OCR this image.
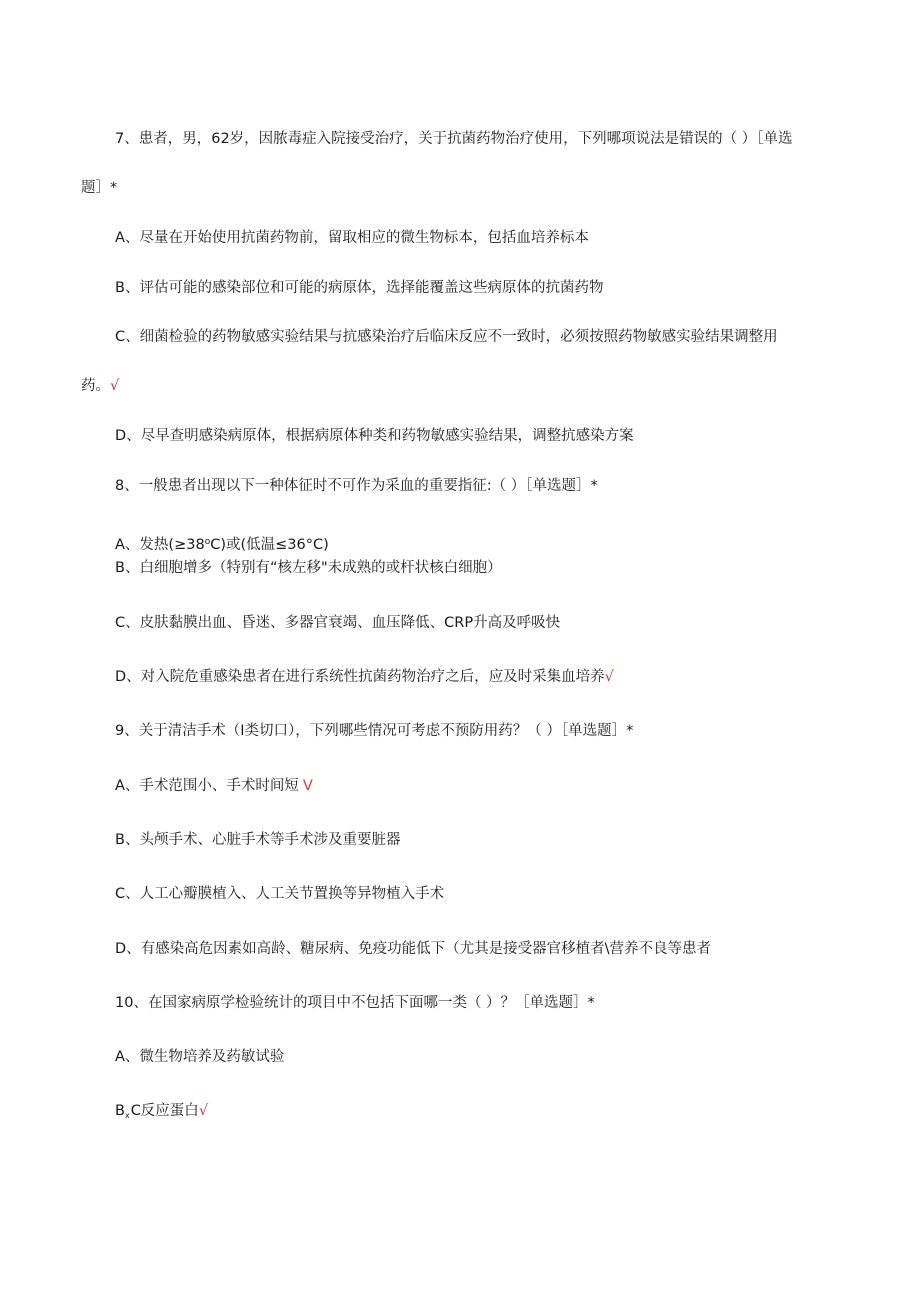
7、患者，男，62岁，因脓毒症入院接受治疗，关于抗菌药物治疗使用，下列哪项说法是错误的（ ）［单选
题］*
A、尽量在开始使用抗菌药物前，留取相应的微生物标本，包括血培养标本
B、评估可能的感染部位和可能的病原体，选择能覆盖这些病原体的抗菌药物
C、细菌检验的药物敏感实验结果与抗感染治疗后临床反应不一致时，必须按照药物敏感实验结果调整用
药。√
D、尽早查明感染病原体，根据病原体种类和药物敏感实验结果，调整抗感染方案
8、一般患者出现以下一种体征时不可作为采血的重要指征:（ ）［单选题］*
A、发热$(\ge 38^oC)$或(低温≤36°C)
B、白细胞增多（特别有“核左移"未成熟的或杆状核白细胞）
C、皮肤黏膜出血、昏迷、多器官衰竭、血压降低、CRP升高及呼吸快
D、对入院危重感染患者在进行系统性抗菌药物治疗之后，应及时采集血培养√
9、关于清洁手术（Ⅰ类切口），下列哪些情况可考虑不预防用药？（ ）［单选题］*
A、手术范围小、手术时间短 V
B、头颅手术、心脏手术等手术涉及重要脏器
C、人工心瓣膜植入、人工关节置换等异物植入手术
D、有感染高危因素如高龄、糖尿病、免疫功能低下（尤其是接受器官移植者\营养不良等患者
10、在国家病原学检验统计的项目中不包括下面哪一类（ ）？［单选题］*
A、微生物培养及药敏试验
$B_xC$反应蛋白√
